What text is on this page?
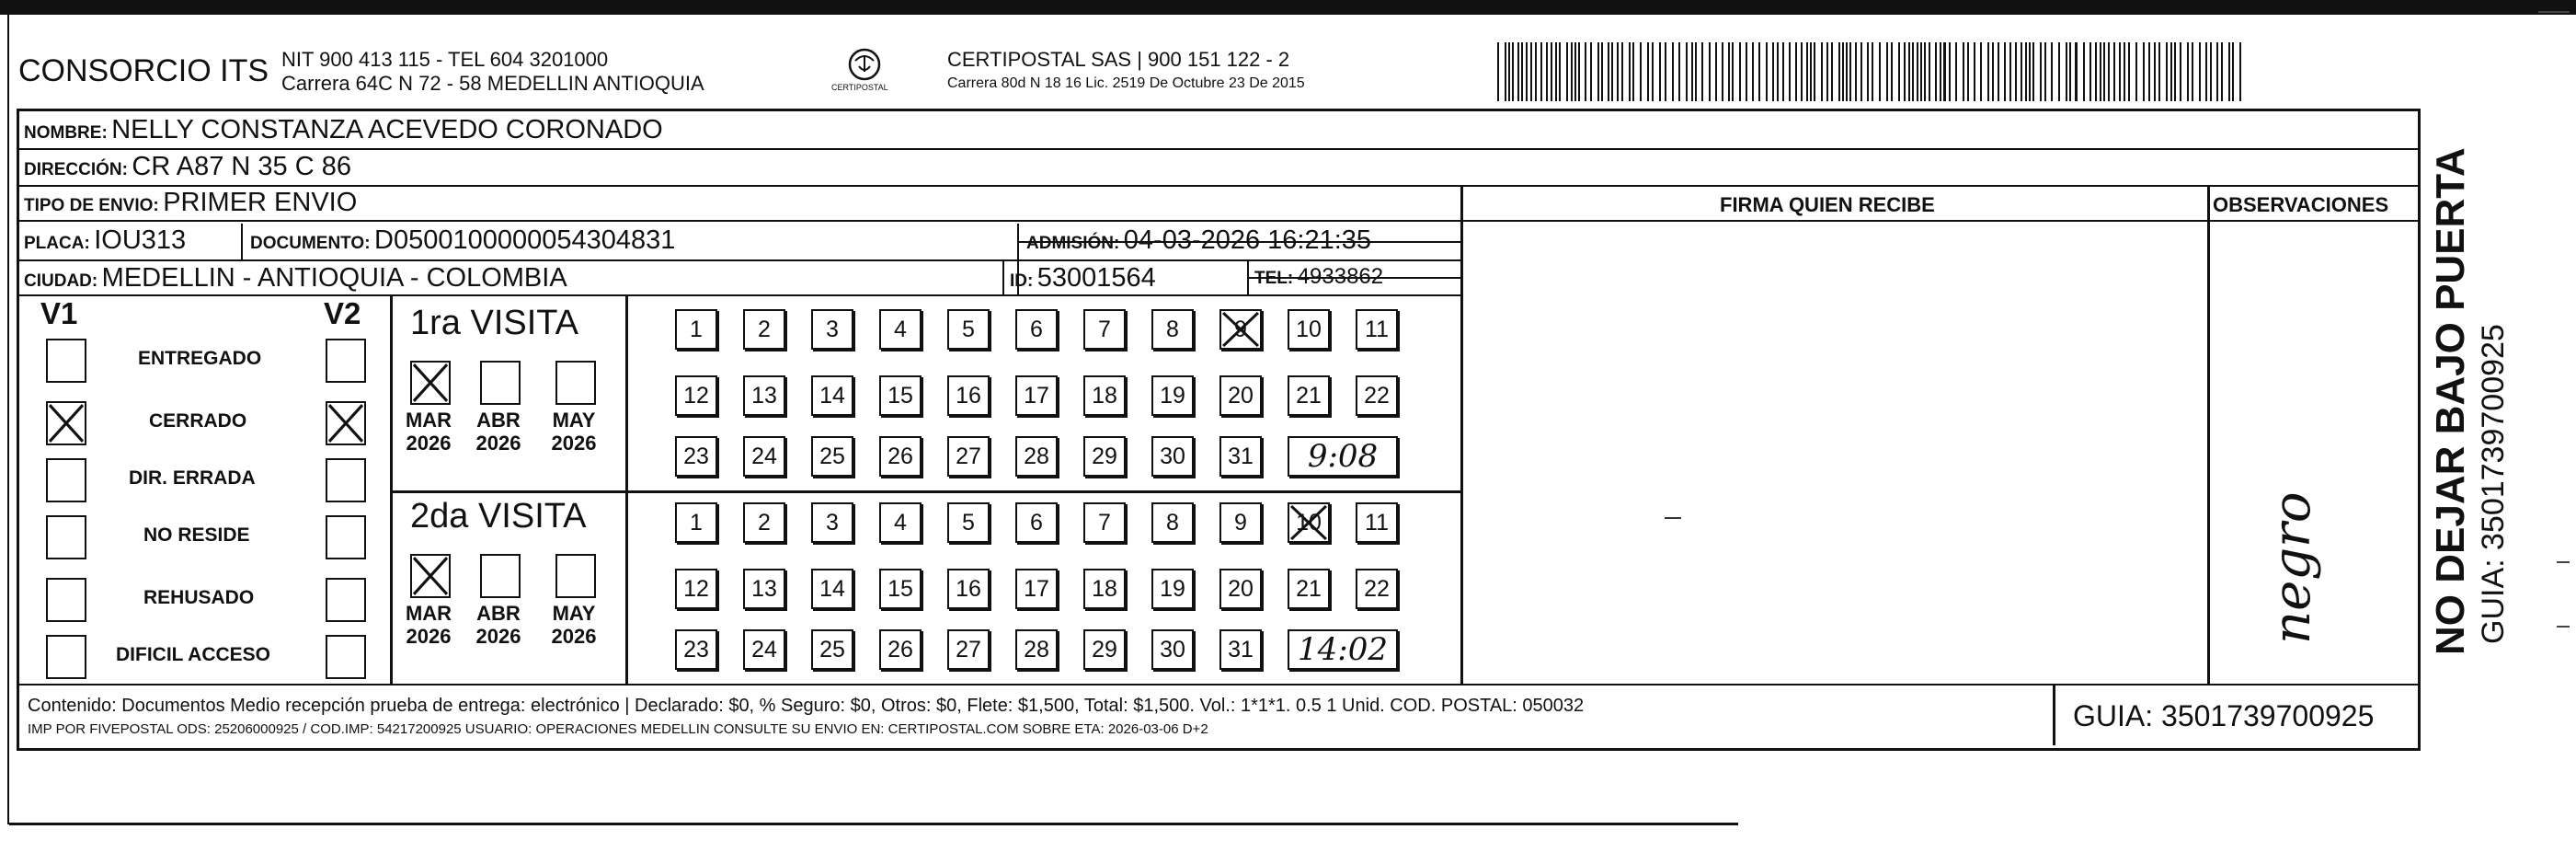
CONSORCIO ITS NIT 900 413 115 - TEL 604 3201000
Carrera 64C N 72 - 58 MEDELLIN ANTIOQUIA	CERTIPOSTAL
CERTIPOSTAL SAS | 900 151 122 - 2
Carrera 80d N 18 16 Lic. 2519 De Octubre 23 De 2015
NOMBRE: NELLY CONSTANZA ACEVEDO CORONADO
DIRECCIÓN: CR A87 N 35 C 86
TIPO DE ENVIO: PRIMER ENVIO	FIRMA QUIEN RECIBE	OBSERVACIONES
PLACA: IOU313	DOCUMENTO: D0500100000054304831	ADMISIÓN: 04-03-2026 16:21:35
CIUDAD: MEDELLIN - ANTIOQUIA - COLOMBIA	ID: 53001564	TEL: 4933862
V1	V2
ENTREGADO
CERRADO
DIR. ERRADA
NO RESIDE
REHUSADO
DIFICIL ACCESO
1ra VISITA
MAR
2026
ABR
2026
MAY
2026
1	2	3	4	5	6	7	8	9	10	11
12	13	14	15	16	17	18	19	20	21	22
23	24	25	26	27	28	29	30	31	9:08
2da VISITA
MAR
2026
ABR
2026
MAY
2026
1	2	3	4	5	6	7	8	9	10	11
12	13	14	15	16	17	18	19	20	21	22
23	24	25	26	27	28	29	30	31	14:02
negro
Contenido: Documentos Medio recepción prueba de entrega: electrónico | Declarado: $0, % Seguro: $0, Otros: $0, Flete: $1,500, Total: $1,500. Vol.: 1*1*1. 0.5 1 Unid. COD. POSTAL: 050032
IMP POR FIVEPOSTAL ODS: 25206000925 / COD.IMP: 54217200925 USUARIO: OPERACIONES MEDELLIN CONSULTE SU ENVIO EN: CERTIPOSTAL.COM SOBRE ETA: 2026-03-06 D+2	GUIA: 3501739700925
NO DEJAR BAJO PUERTA GUIA: 3501739700925
